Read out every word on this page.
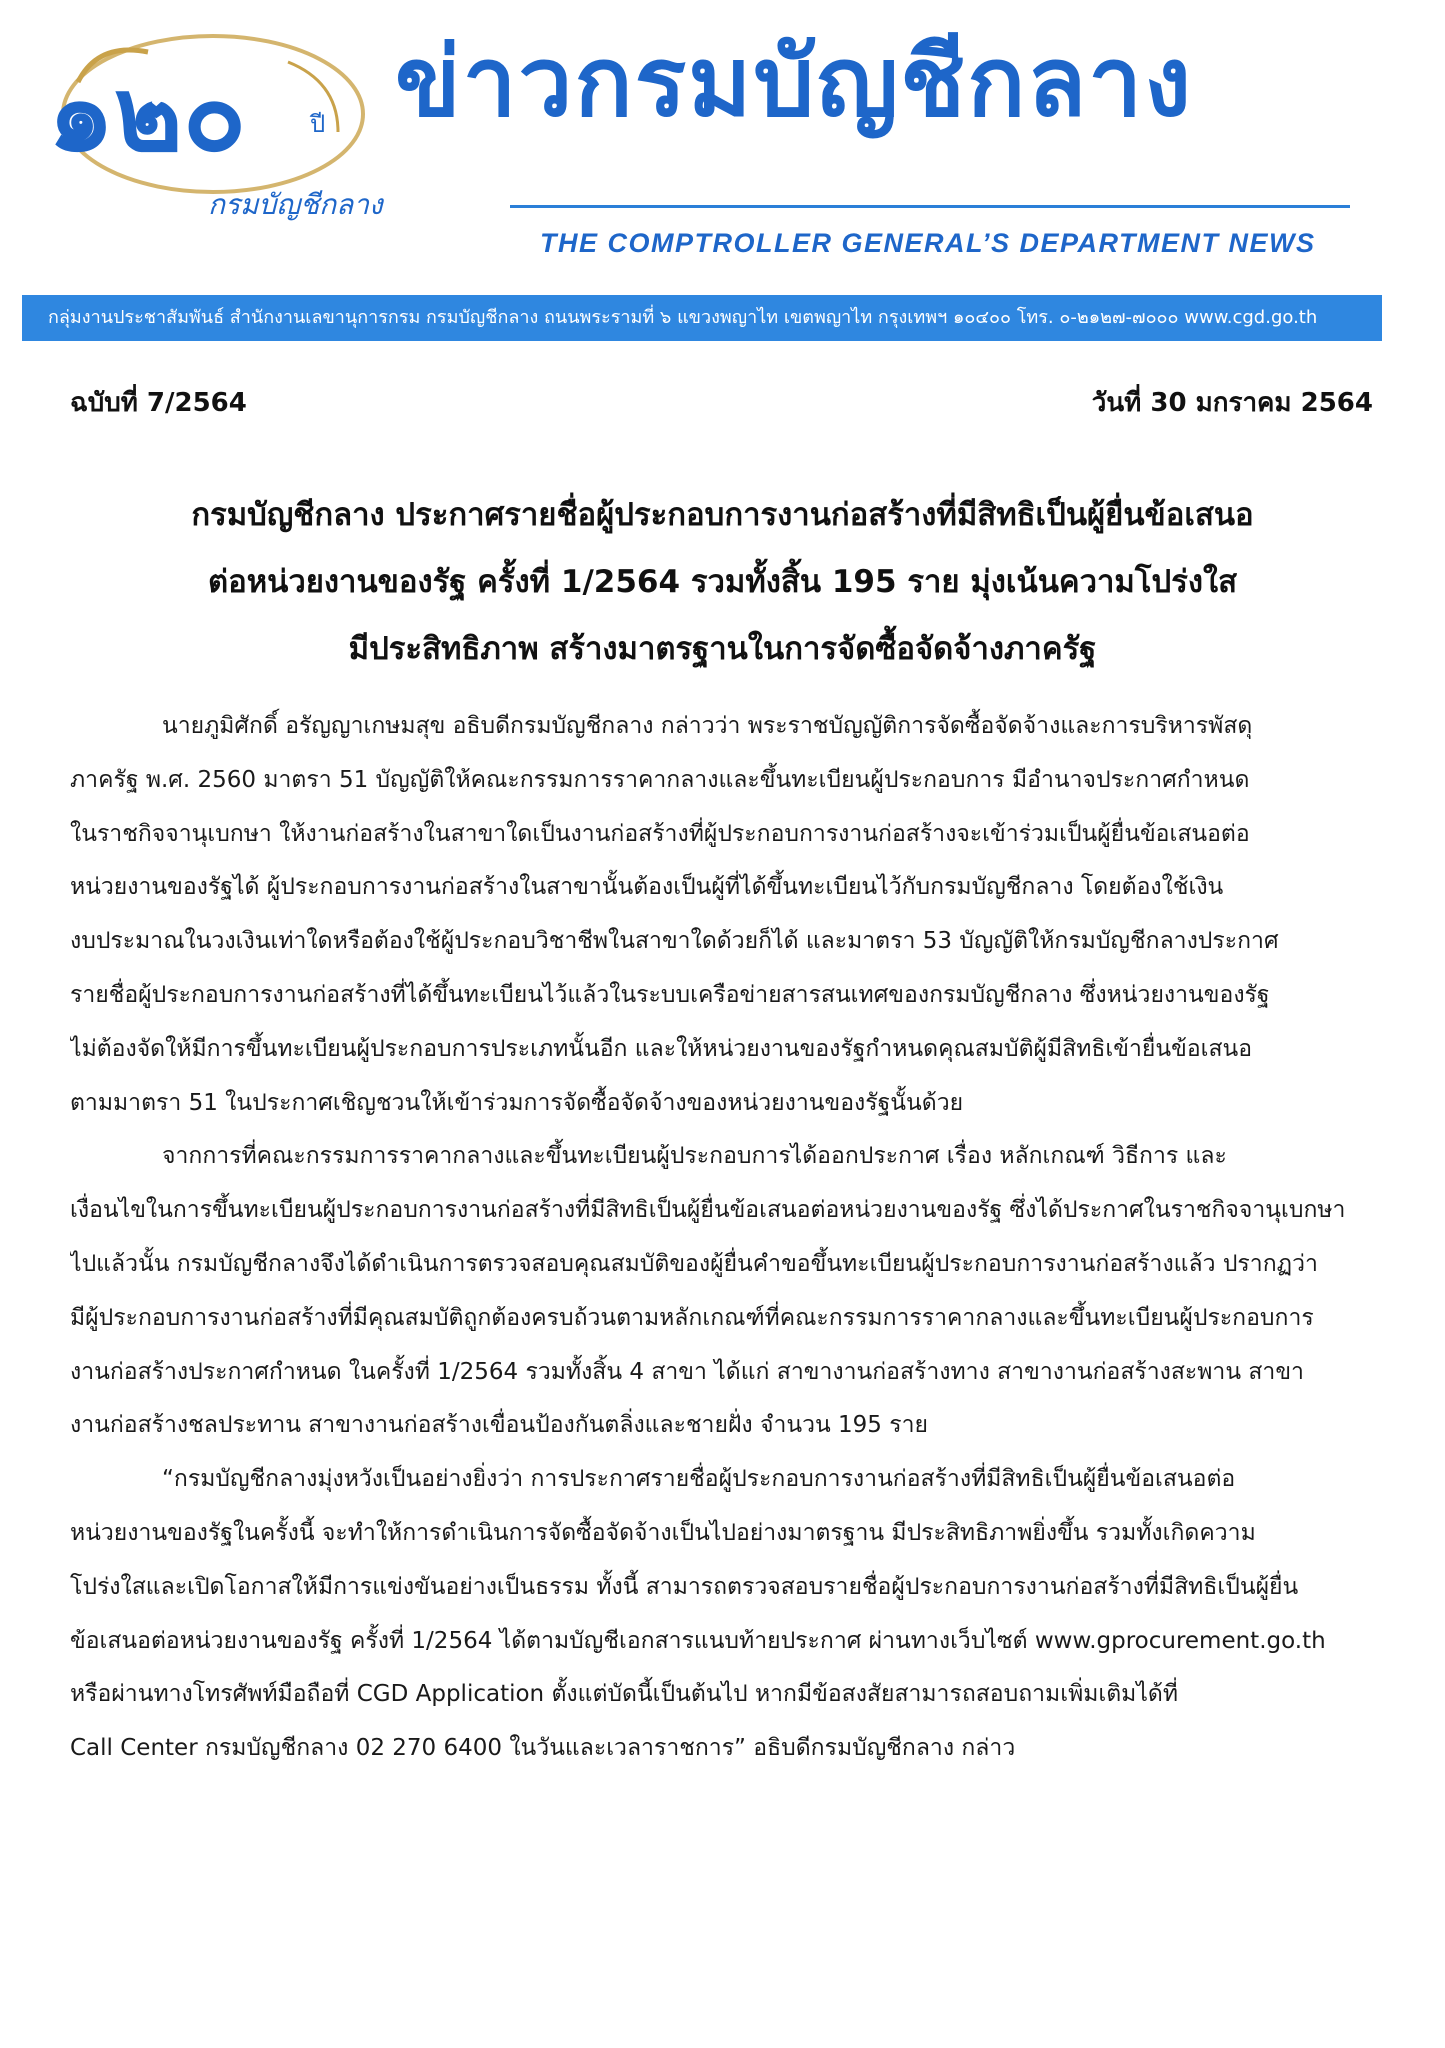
๑๒๐	ปี
กรมบัญชีกลาง
ข่าวกรมบัญชีกลาง
THE COMPTROLLER GENERAL’S DEPARTMENT NEWS
กลุ่มงานประชาสัมพันธ์ สำนักงานเลขานุการกรม กรมบัญชีกลาง ถนนพระรามที่ ๖ แขวงพญาไท เขตพญาไท กรุงเทพฯ ๑๐๔๐๐ โทร. ๐-๒๑๒๗-๗๐๐๐ www.cgd.go.th
ฉบับที่ 7/2564	วันที่ 30 มกราคม 2564
กรมบัญชีกลาง ประกาศรายชื่อผู้ประกอบการงานก่อสร้างที่มีสิทธิเป็นผู้ยื่นข้อเสนอ
ต่อหน่วยงานของรัฐ ครั้งที่ 1/2564 รวมทั้งสิ้น 195 ราย มุ่งเน้นความโปร่งใส
มีประสิทธิภาพ สร้างมาตรฐานในการจัดซื้อจัดจ้างภาครัฐ
นายภูมิศักดิ์ อรัญญาเกษมสุข อธิบดีกรมบัญชีกลาง กล่าวว่า พระราชบัญญัติการจัดซื้อจัดจ้างและการบริหารพัสดุ
ภาครัฐ พ.ศ. 2560 มาตรา 51 บัญญัติให้คณะกรรมการราคากลางและขึ้นทะเบียนผู้ประกอบการ มีอำนาจประกาศกำหนด
ในราชกิจจานุเบกษา ให้งานก่อสร้างในสาขาใดเป็นงานก่อสร้างที่ผู้ประกอบการงานก่อสร้างจะเข้าร่วมเป็นผู้ยื่นข้อเสนอต่อ
หน่วยงานของรัฐได้ ผู้ประกอบการงานก่อสร้างในสาขานั้นต้องเป็นผู้ที่ได้ขึ้นทะเบียนไว้กับกรมบัญชีกลาง โดยต้องใช้เงิน
งบประมาณในวงเงินเท่าใดหรือต้องใช้ผู้ประกอบวิชาชีพในสาขาใดด้วยก็ได้ และมาตรา 53 บัญญัติให้กรมบัญชีกลางประกาศ
รายชื่อผู้ประกอบการงานก่อสร้างที่ได้ขึ้นทะเบียนไว้แล้วในระบบเครือข่ายสารสนเทศของกรมบัญชีกลาง ซึ่งหน่วยงานของรัฐ
ไม่ต้องจัดให้มีการขึ้นทะเบียนผู้ประกอบการประเภทนั้นอีก และให้หน่วยงานของรัฐกำหนดคุณสมบัติผู้มีสิทธิเข้ายื่นข้อเสนอ
ตามมาตรา 51 ในประกาศเชิญชวนให้เข้าร่วมการจัดซื้อจัดจ้างของหน่วยงานของรัฐนั้นด้วย
จากการที่คณะกรรมการราคากลางและขึ้นทะเบียนผู้ประกอบการได้ออกประกาศ เรื่อง หลักเกณฑ์ วิธีการ และ
เงื่อนไขในการขึ้นทะเบียนผู้ประกอบการงานก่อสร้างที่มีสิทธิเป็นผู้ยื่นข้อเสนอต่อหน่วยงานของรัฐ ซึ่งได้ประกาศในราชกิจจานุเบกษา
ไปแล้วนั้น กรมบัญชีกลางจึงได้ดำเนินการตรวจสอบคุณสมบัติของผู้ยื่นคำขอขึ้นทะเบียนผู้ประกอบการงานก่อสร้างแล้ว ปรากฏว่า
มีผู้ประกอบการงานก่อสร้างที่มีคุณสมบัติถูกต้องครบถ้วนตามหลักเกณฑ์ที่คณะกรรมการราคากลางและขึ้นทะเบียนผู้ประกอบการ
งานก่อสร้างประกาศกำหนด ในครั้งที่ 1/2564 รวมทั้งสิ้น 4 สาขา ได้แก่ สาขางานก่อสร้างทาง สาขางานก่อสร้างสะพาน สาขา
งานก่อสร้างชลประทาน สาขางานก่อสร้างเขื่อนป้องกันตลิ่งและชายฝั่ง จำนวน 195 ราย
“กรมบัญชีกลางมุ่งหวังเป็นอย่างยิ่งว่า การประกาศรายชื่อผู้ประกอบการงานก่อสร้างที่มีสิทธิเป็นผู้ยื่นข้อเสนอต่อ
หน่วยงานของรัฐในครั้งนี้ จะทำให้การดำเนินการจัดซื้อจัดจ้างเป็นไปอย่างมาตรฐาน มีประสิทธิภาพยิ่งขึ้น รวมทั้งเกิดความ
โปร่งใสและเปิดโอกาสให้มีการแข่งขันอย่างเป็นธรรม ทั้งนี้ สามารถตรวจสอบรายชื่อผู้ประกอบการงานก่อสร้างที่มีสิทธิเป็นผู้ยื่น
ข้อเสนอต่อหน่วยงานของรัฐ ครั้งที่ 1/2564 ได้ตามบัญชีเอกสารแนบท้ายประกาศ ผ่านทางเว็บไซต์ www.gprocurement.go.th
หรือผ่านทางโทรศัพท์มือถือที่ CGD Application ตั้งแต่บัดนี้เป็นต้นไป หากมีข้อสงสัยสามารถสอบถามเพิ่มเติมได้ที่
Call Center กรมบัญชีกลาง 02 270 6400 ในวันและเวลาราชการ” อธิบดีกรมบัญชีกลาง กล่าว
